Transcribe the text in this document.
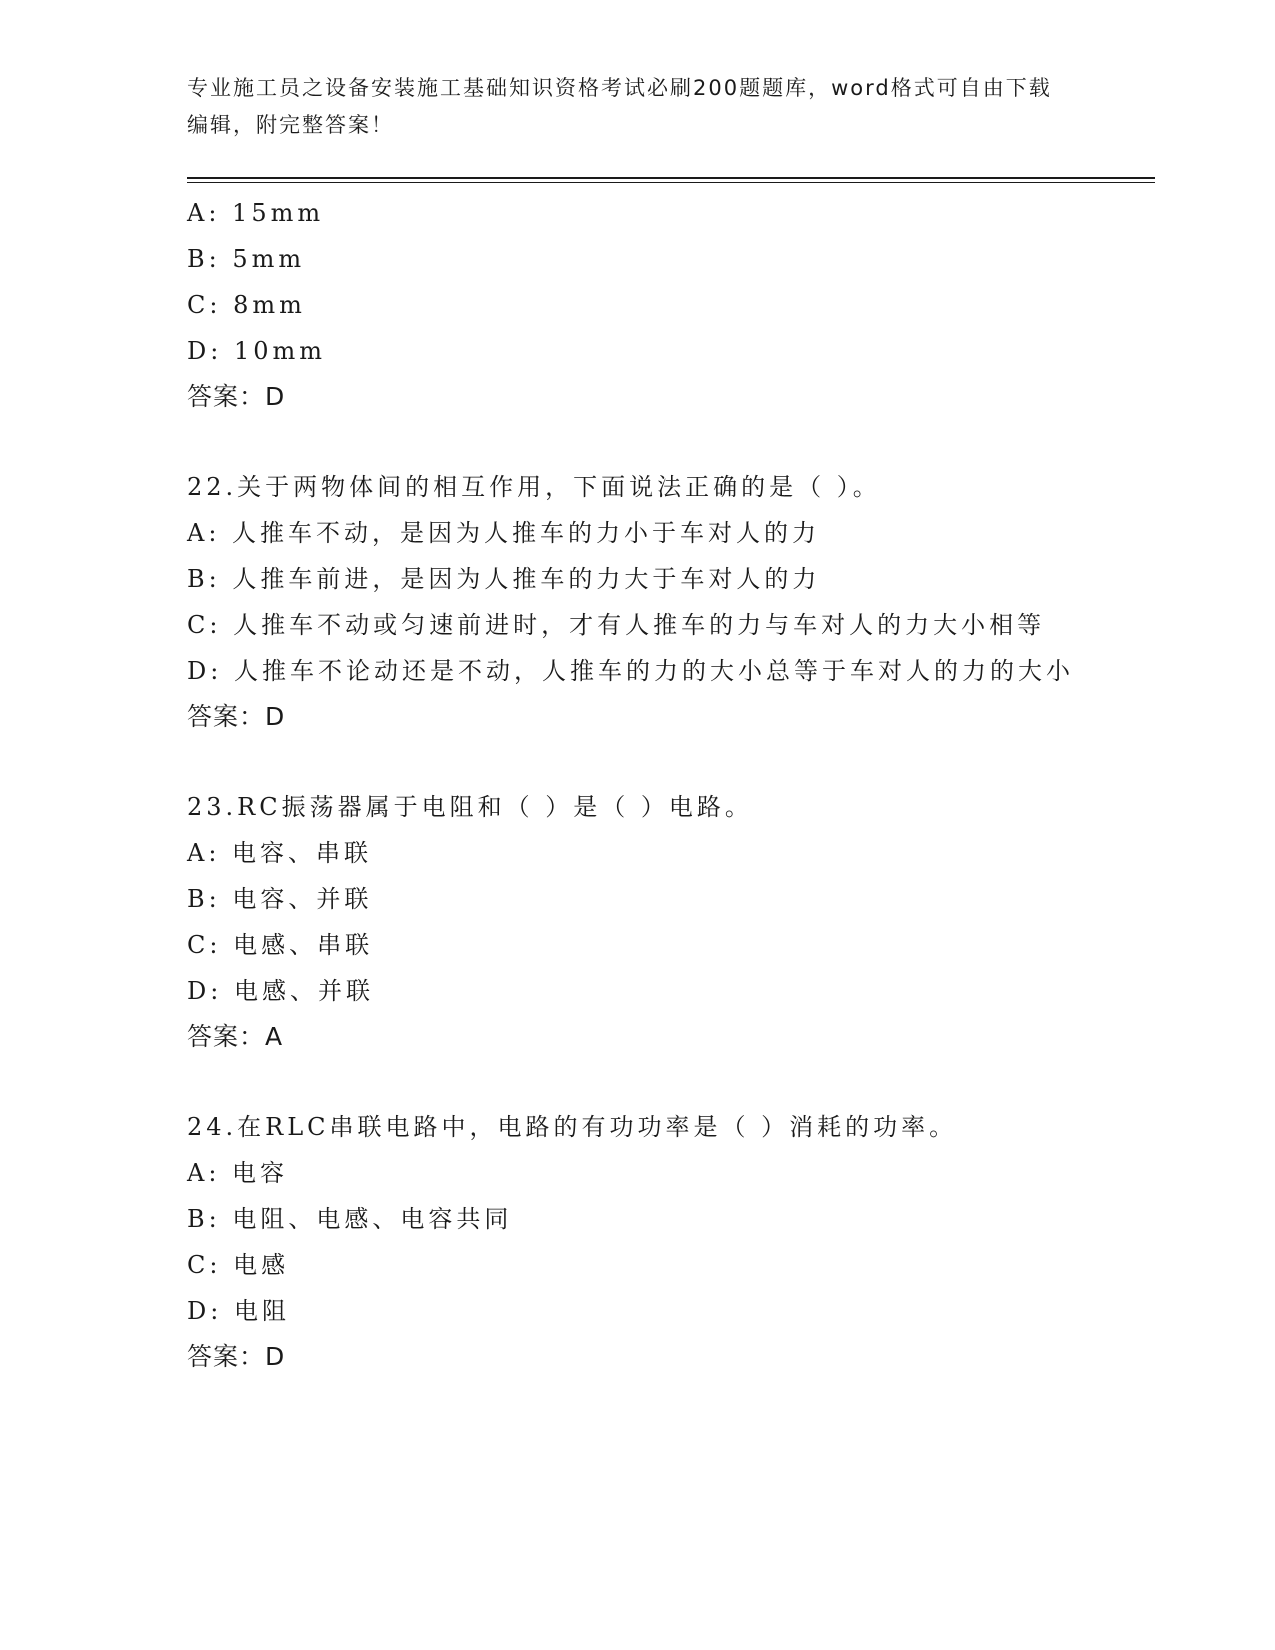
专业施工员之设备安装施工基础知识资格考试必刷200题题库，word格式可自由下载编辑，附完整答案！
A: 15mm
B: 5mm
C: 8mm
D: 10mm
答案：D
22.关于两物体间的相互作用，下面说法正确的是（ ）。
A: 人推车不动，是因为人推车的力小于车对人的力
B: 人推车前进，是因为人推车的力大于车对人的力
C: 人推车不动或匀速前进时，才有人推车的力与车对人的力大小相等
D: 人推车不论动还是不动，人推车的力的大小总等于车对人的力的大小
答案：D
23.RC振荡器属于电阻和（ ）是（ ）电路。
A: 电容、串联
B: 电容、并联
C: 电感、串联
D: 电感、并联
答案：A
24.在RLC串联电路中，电路的有功功率是（ ）消耗的功率。
A: 电容
B: 电阻、电感、电容共同
C: 电感
D: 电阻
答案：D
